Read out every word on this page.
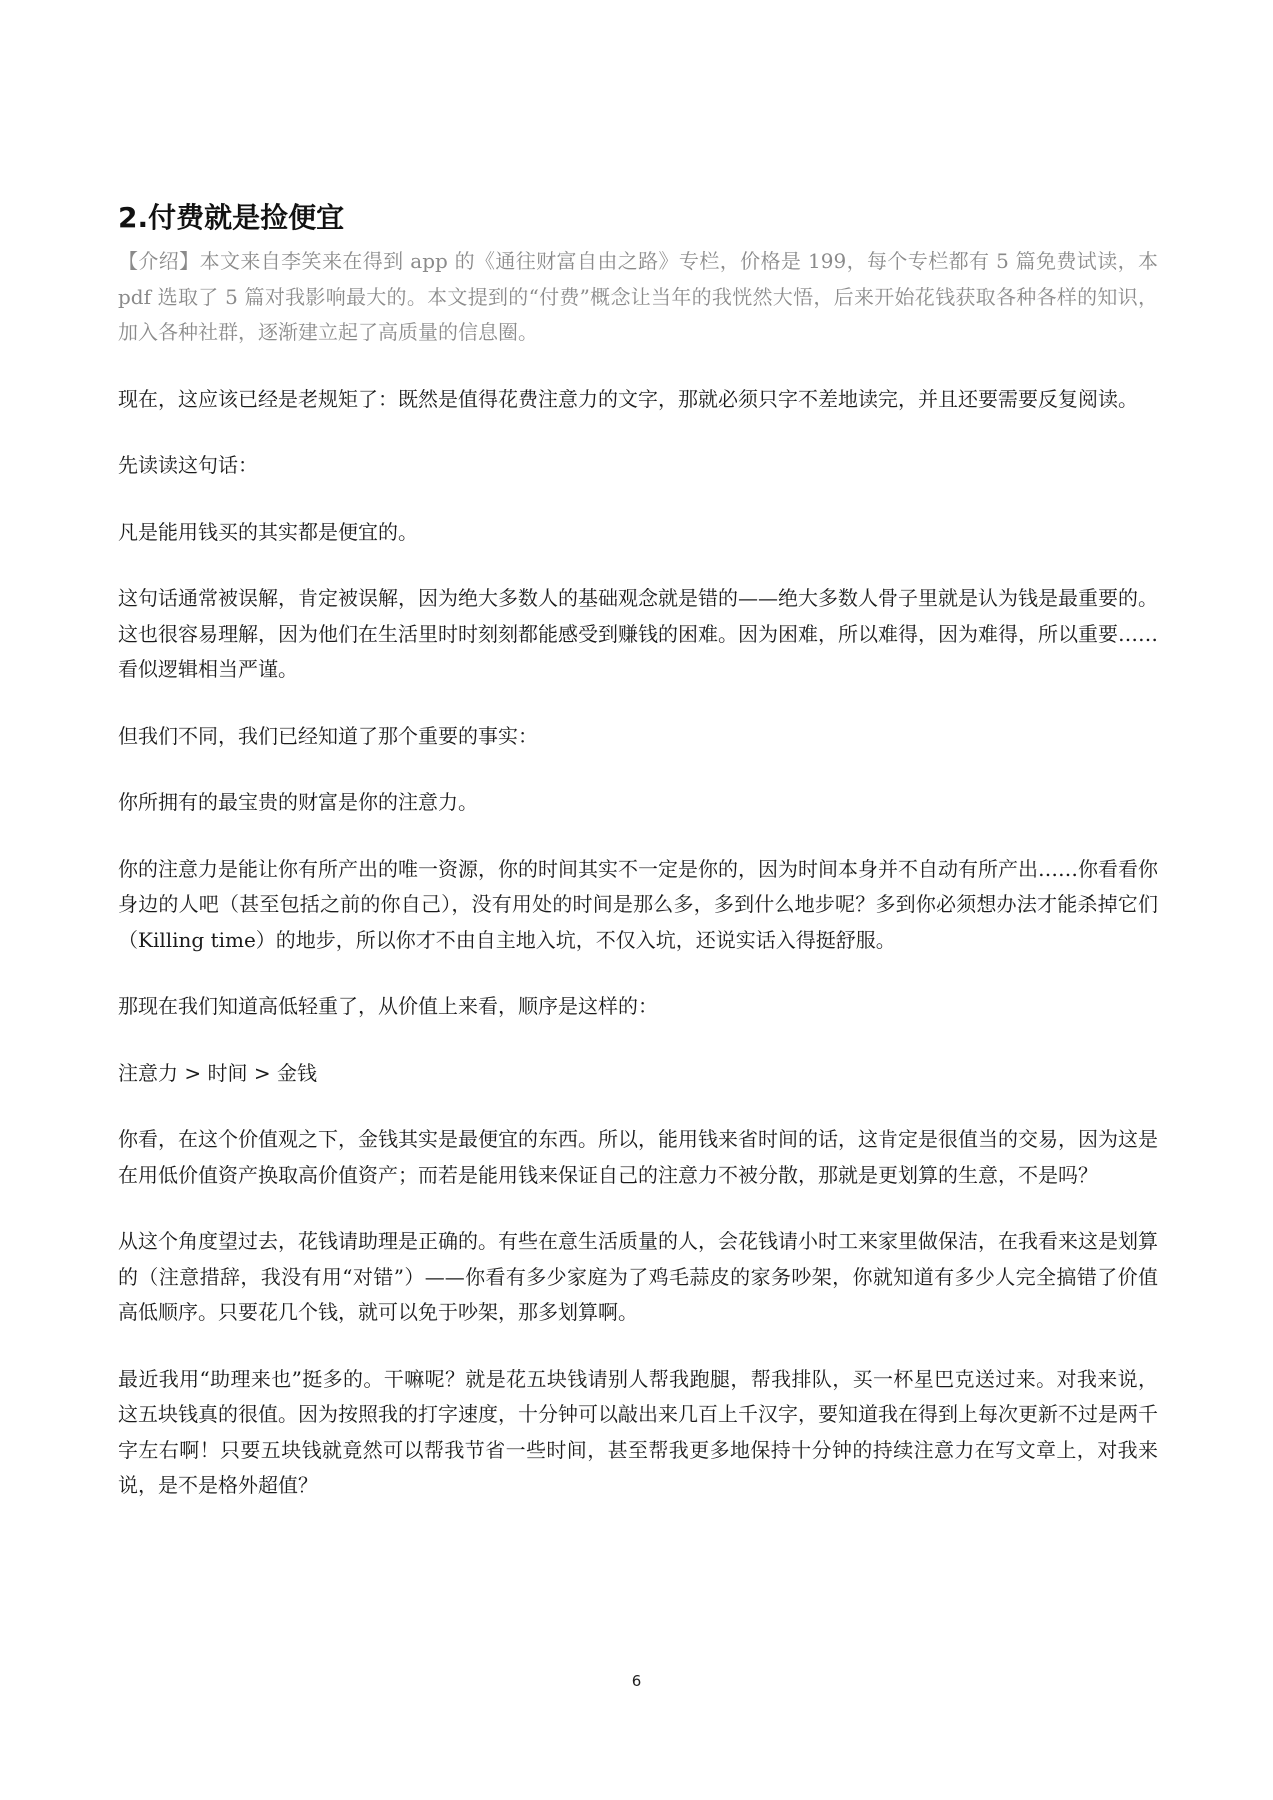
2.付费就是捡便宜

【介绍】本文来自李笑来在得到 app 的《通往财富自由之路》专栏，价格是 199，每个专栏都有 5 篇免费试读，本 pdf 选取了 5 篇对我影响最大的。本文提到的“付费”概念让当年的我恍然大悟，后来开始花钱获取各种各样的知识，加入各种社群，逐渐建立起了高质量的信息圈。

现在，这应该已经是老规矩了：既然是值得花费注意力的文字，那就必须只字不差地读完，并且还要需要反复阅读。

先读读这句话：

凡是能用钱买的其实都是便宜的。

这句话通常被误解，肯定被误解，因为绝大多数人的基础观念就是错的——绝大多数人骨子里就是认为钱是最重要的。这也很容易理解，因为他们在生活里时时刻刻都能感受到赚钱的困难。因为困难，所以难得，因为难得，所以重要……看似逻辑相当严谨。

但我们不同，我们已经知道了那个重要的事实：

你所拥有的最宝贵的财富是你的注意力。

你的注意力是能让你有所产出的唯一资源，你的时间其实不一定是你的，因为时间本身并不自动有所产出……你看看你身边的人吧（甚至包括之前的你自己），没有用处的时间是那么多，多到什么地步呢？多到你必须想办法才能杀掉它们（Killing time）的地步，所以你才不由自主地入坑，不仅入坑，还说实话入得挺舒服。

那现在我们知道高低轻重了，从价值上来看，顺序是这样的：

注意力 > 时间 > 金钱

你看，在这个价值观之下，金钱其实是最便宜的东西。所以，能用钱来省时间的话，这肯定是很值当的交易，因为这是在用低价值资产换取高价值资产；而若是能用钱来保证自己的注意力不被分散，那就是更划算的生意，不是吗？

从这个角度望过去，花钱请助理是正确的。有些在意生活质量的人，会花钱请小时工来家里做保洁，在我看来这是划算的（注意措辞，我没有用“对错”）——你看有多少家庭为了鸡毛蒜皮的家务吵架，你就知道有多少人完全搞错了价值高低顺序。只要花几个钱，就可以免于吵架，那多划算啊。

最近我用“助理来也”挺多的。干嘛呢？就是花五块钱请别人帮我跑腿，帮我排队，买一杯星巴克送过来。对我来说，这五块钱真的很值。因为按照我的打字速度，十分钟可以敲出来几百上千汉字，要知道我在得到上每次更新不过是两千字左右啊！只要五块钱就竟然可以帮我节省一些时间，甚至帮我更多地保持十分钟的持续注意力在写文章上，对我来说，是不是格外超值？

6
